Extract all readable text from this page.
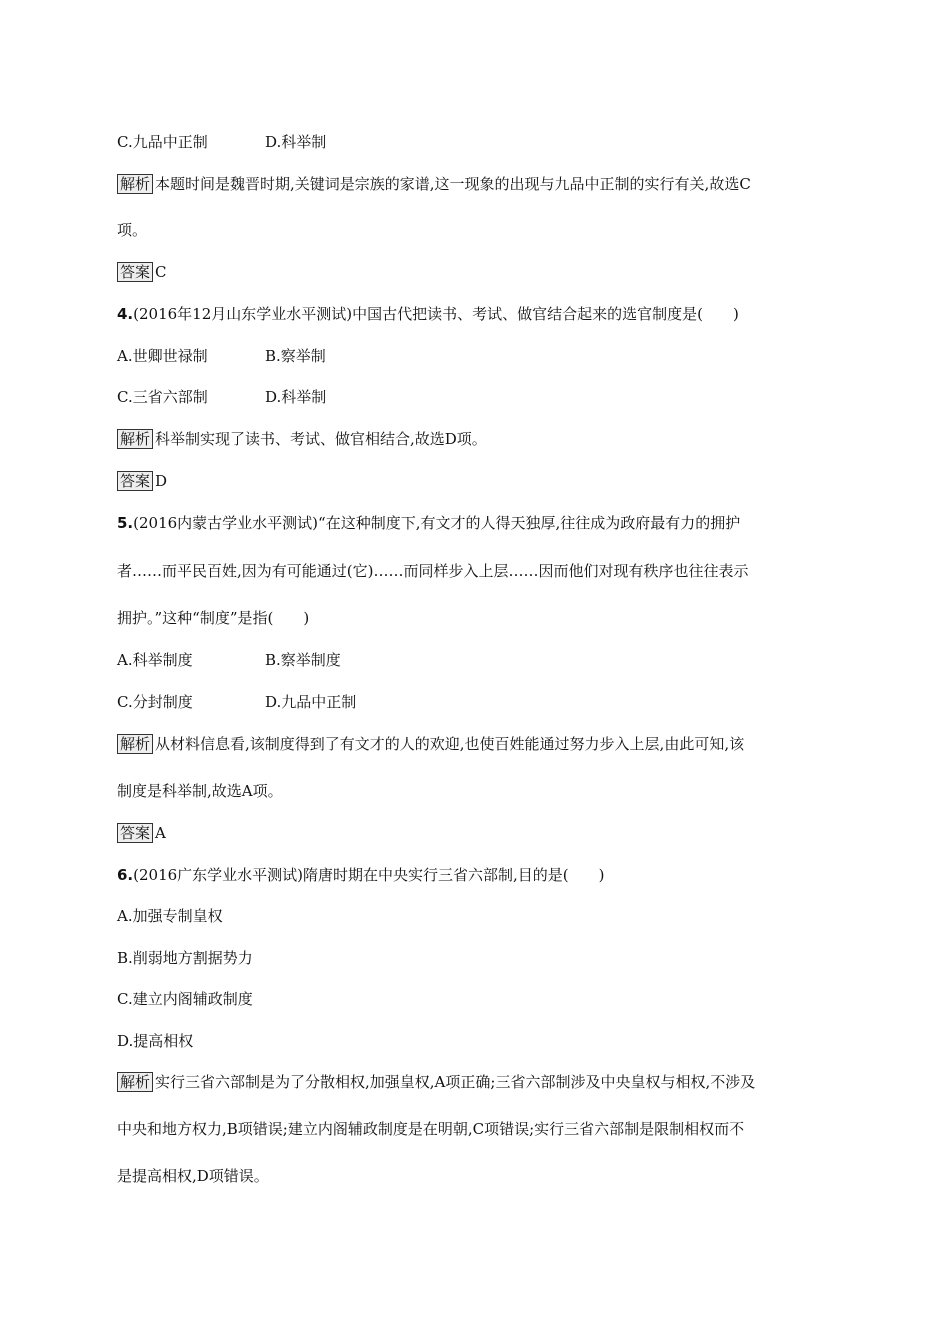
C.九品中正制	D.科举制
解析 本题时间是魏晋时期,关键词是宗族的家谱,这一现象的出现与九品中正制的实行有关,故选C
项。
答案 C
4.(2016年12月山东学业水平测试)中国古代把读书、考试、做官结合起来的选官制度是(　　)
A.世卿世禄制	B.察举制
C.三省六部制	D.科举制
解析 科举制实现了读书、考试、做官相结合,故选D项。
答案 D
5.(2016内蒙古学业水平测试)“在这种制度下,有文才的人得天独厚,往往成为政府最有力的拥护
者……而平民百姓,因为有可能通过(它)……而同样步入上层……因而他们对现有秩序也往往表示
拥护。”这种“制度”是指(　　)
A.科举制度	B.察举制度
C.分封制度	D.九品中正制
解析 从材料信息看,该制度得到了有文才的人的欢迎,也使百姓能通过努力步入上层,由此可知,该
制度是科举制,故选A项。
答案 A
6.(2016广东学业水平测试)隋唐时期在中央实行三省六部制,目的是(　　)
A.加强专制皇权
B.削弱地方割据势力
C.建立内阁辅政制度
D.提高相权
解析 实行三省六部制是为了分散相权,加强皇权,A项正确;三省六部制涉及中央皇权与相权,不涉及
中央和地方权力,B项错误;建立内阁辅政制度是在明朝,C项错误;实行三省六部制是限制相权而不
是提高相权,D项错误。
